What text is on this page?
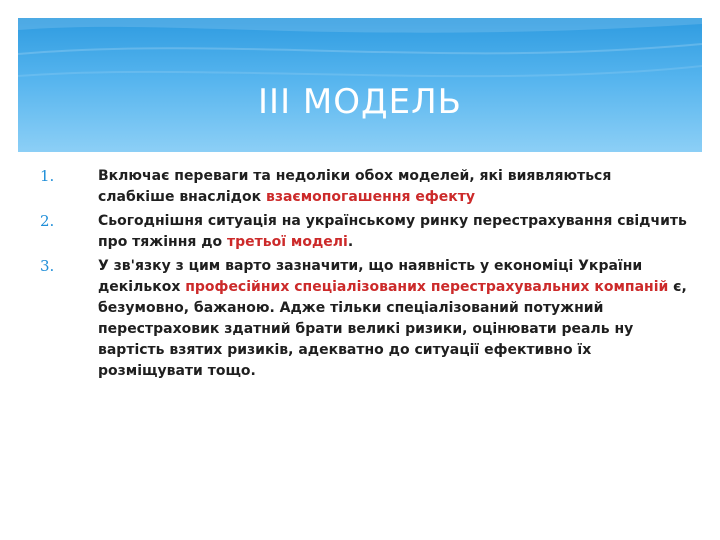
III МОДЕЛЬ
1.	Включає переваги та недоліки обох моделей, які виявляються слабкіше внаслідок взаємопогашення ефекту
2.	Сьогоднішня ситуація на українському ринку перестрахування свідчить про тяжіння до третьої моделі.
3.	У зв'язку з цим варто зазначити, що наявність у економіці України декількох професійних спеціалізованих перестрахувальних компаній є, безумовно, бажаною. Адже тільки спеціалізований потужний перестраховик здатний брати великі ризики, оцінювати реаль ну вартість взятих ризиків, адекватно до ситуації ефективно їх розміщувати тощо.
